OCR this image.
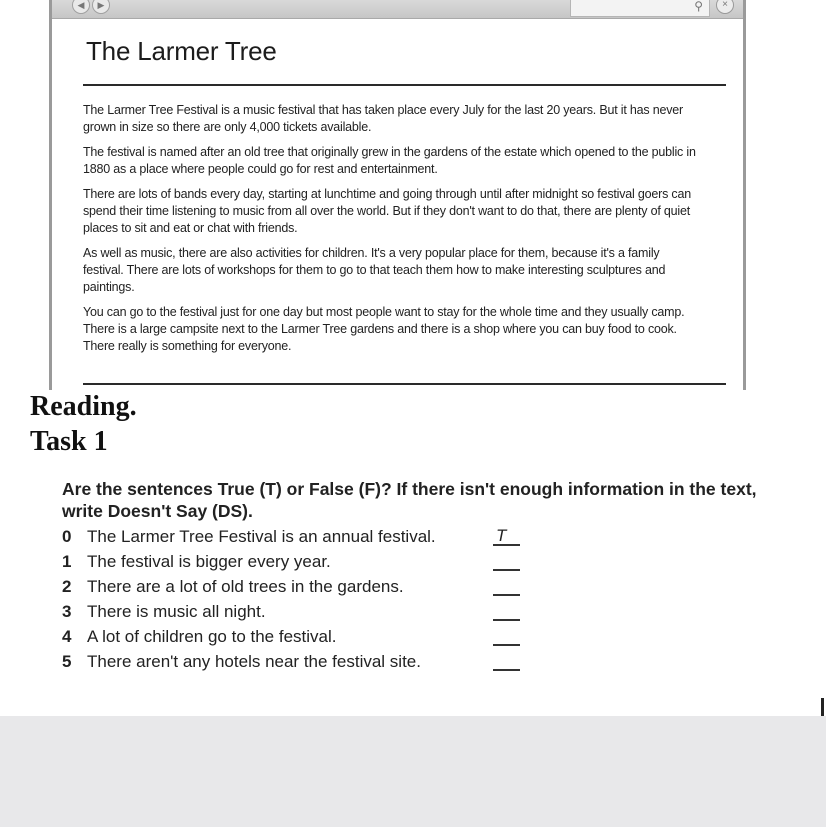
◀	▶	⚲	×
The Larmer Tree

The Larmer Tree Festival is a music festival that has taken place every July for the last 20 years. But it has never grown in size so there are only 4,000 tickets available.

The festival is named after an old tree that originally grew in the gardens of the estate which opened to the public in 1880 as a place where people could go for rest and entertainment.

There are lots of bands every day, starting at lunchtime and going through until after midnight so festival goers can spend their time listening to music from all over the world. But if they don't want to do that, there are plenty of quiet places to sit and eat or chat with friends.

As well as music, there are also activities for children. It's a very popular place for them, because it's a family festival. There are lots of workshops for them to go to that teach them how to make interesting sculptures and paintings.

You can go to the festival just for one day but most people want to stay for the whole time and they usually camp. There is a large campsite next to the Larmer Tree gardens and there is a shop where you can buy food to cook. There really is something for everyone.

Reading.
Task 1

Are the sentences True (T) or False (F)? If there isn't enough information in the text, write Doesn't Say (DS).

0 The Larmer Tree Festival is an annual festival.	T
1 The festival is bigger every year.
2 There are a lot of old trees in the gardens.
3 There is music all night.
4 A lot of children go to the festival.
5 There aren't any hotels near the festival site.
